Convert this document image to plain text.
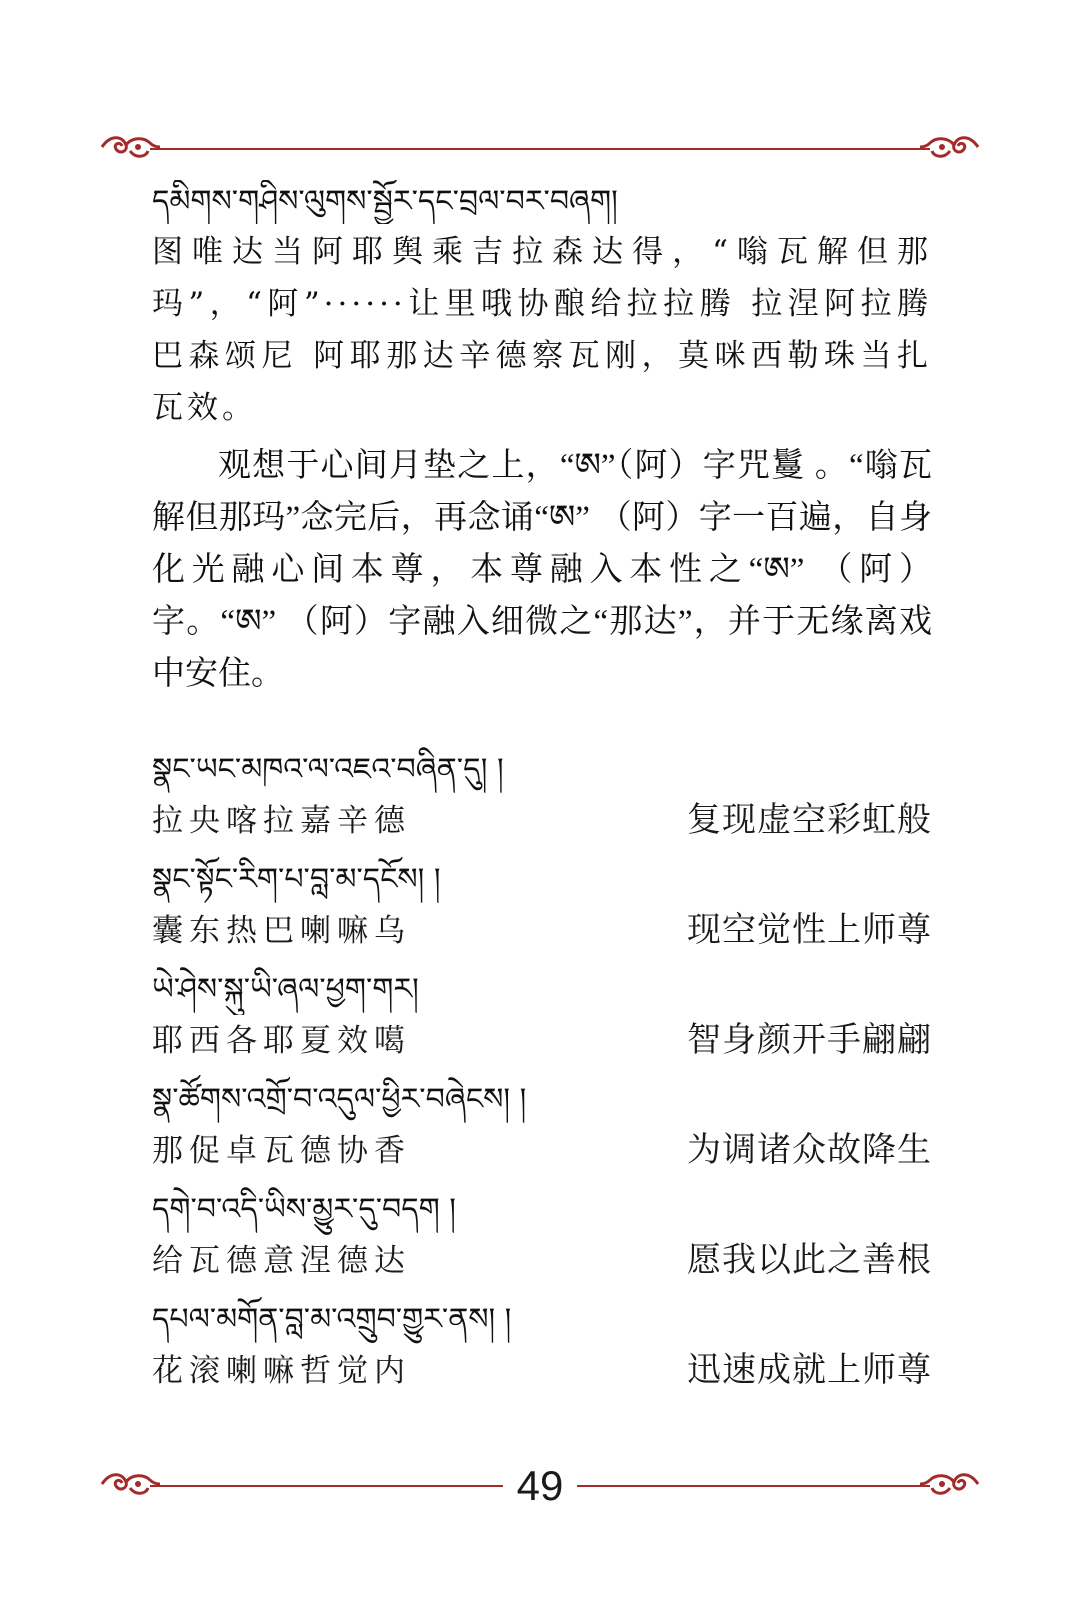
དམིགས་གཤིས་ལུགས་སྦྱོར་དང་བྲལ་བར་བཞག།
图唯达当阿耶舆乘吉拉森达得，“嗡瓦解但那玛”，“阿”······让里哦协酿给拉拉腾 拉涅阿拉腾巴森颂尼 阿耶那达辛德察瓦刚，莫咪西勒珠当扎瓦效。
观想于心间月垫之上，“ཨ”（阿）字咒鬘 。“嗡瓦解但那玛”念完后，再念诵“ཨ” （阿）字一百遍，自身化光融心间本尊，本尊融入本性之“ཨ” （阿） 字。“ཨ” （阿）字融入细微之“那达”，并于无缘离戏中安住。
སྣང་ཡང་མཁའ་ལ་འཇའ་བཞིན་དུ། །
拉央喀拉嘉辛德	复现虚空彩虹般
སྣང་སྟོང་རིག་པ་བླ་མ་དངོས། །
囊东热巴喇嘛乌	现空觉性上师尊
ཡེ་ཤེས་སྐུ་ཡི་ཞལ་ཕྱག་གར།
耶西各耶夏效噶	智身颜开手翩翩
སྣ་ཚོགས་འགྲོ་བ་འདུལ་ཕྱིར་བཞེངས། །
那促卓瓦德协香	为调诸众故降生
དགེ་བ་འདི་ཡིས་མྱུར་དུ་བདག །
给瓦德意涅德达	愿我以此之善根
དཔལ་མགོན་བླ་མ་འགྲུབ་གྱུར་ནས། །
花滚喇嘛哲觉内	迅速成就上师尊
49
